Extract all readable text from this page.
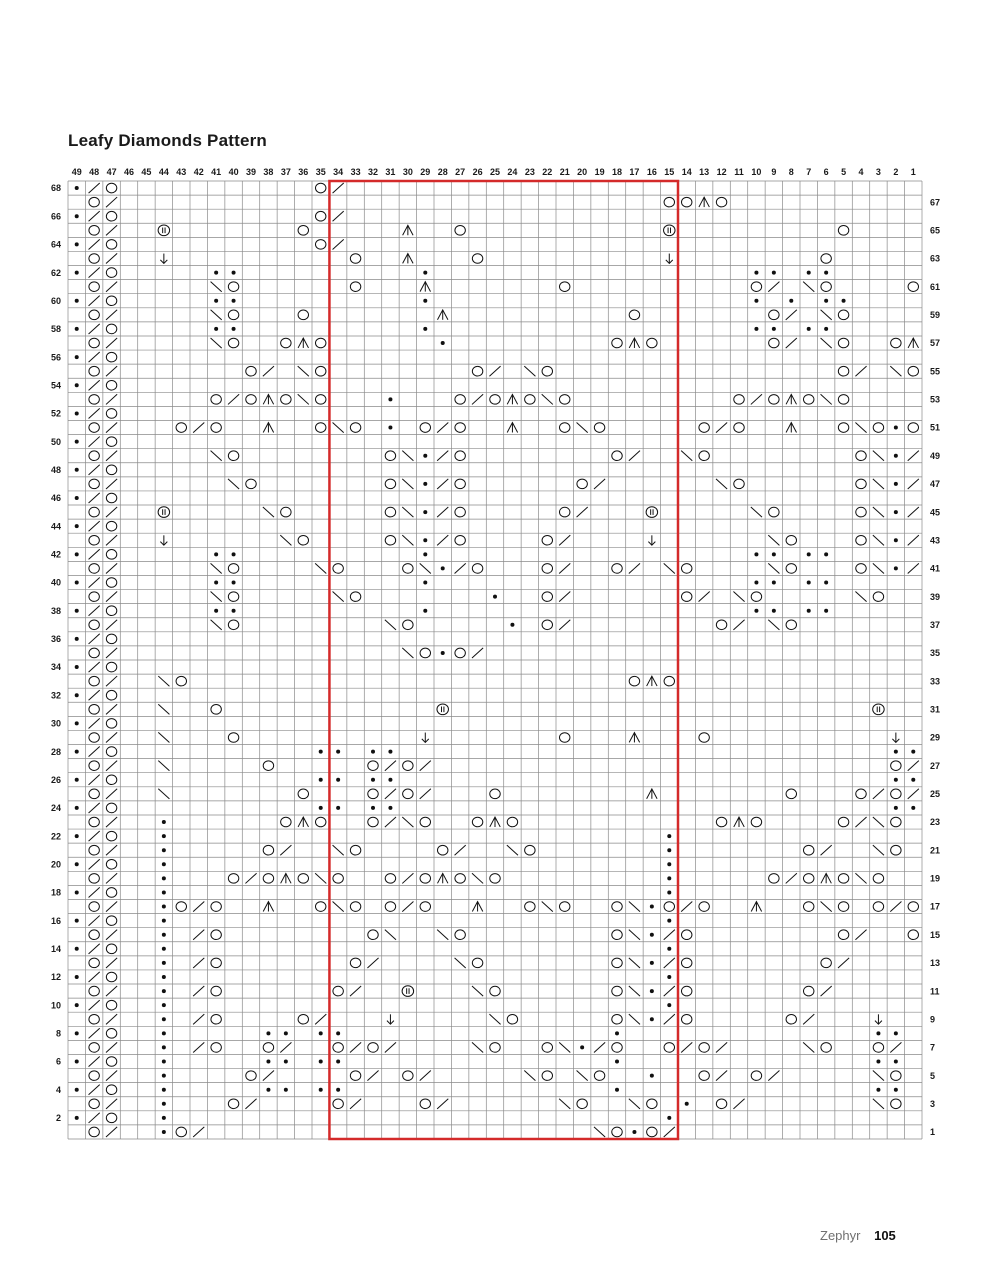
Leafy Diamonds Pattern
49 48 47 46 45 44 43 42 41 40 39 38 37 36 35 34 33 32 31 30 29 28 27 26 25 24 23 22 21 20 19 18 17 16 15 14 13 12 11 10 9 8 7 6 5 4 3 2 1
1
2
3
4
5
6
7
8
9
10
11
12
13
14
15
16
17
18
19
20
21
22
23
24
25
26
27
28
29
30
31
32
33
34
35
36
37
38
39
40
41
42
43
44
45
46
47
48
49
50
51
52
53
54
55
56
57
58
59
60
61
62
63
64
65
66
67
68
Zephyr 105
